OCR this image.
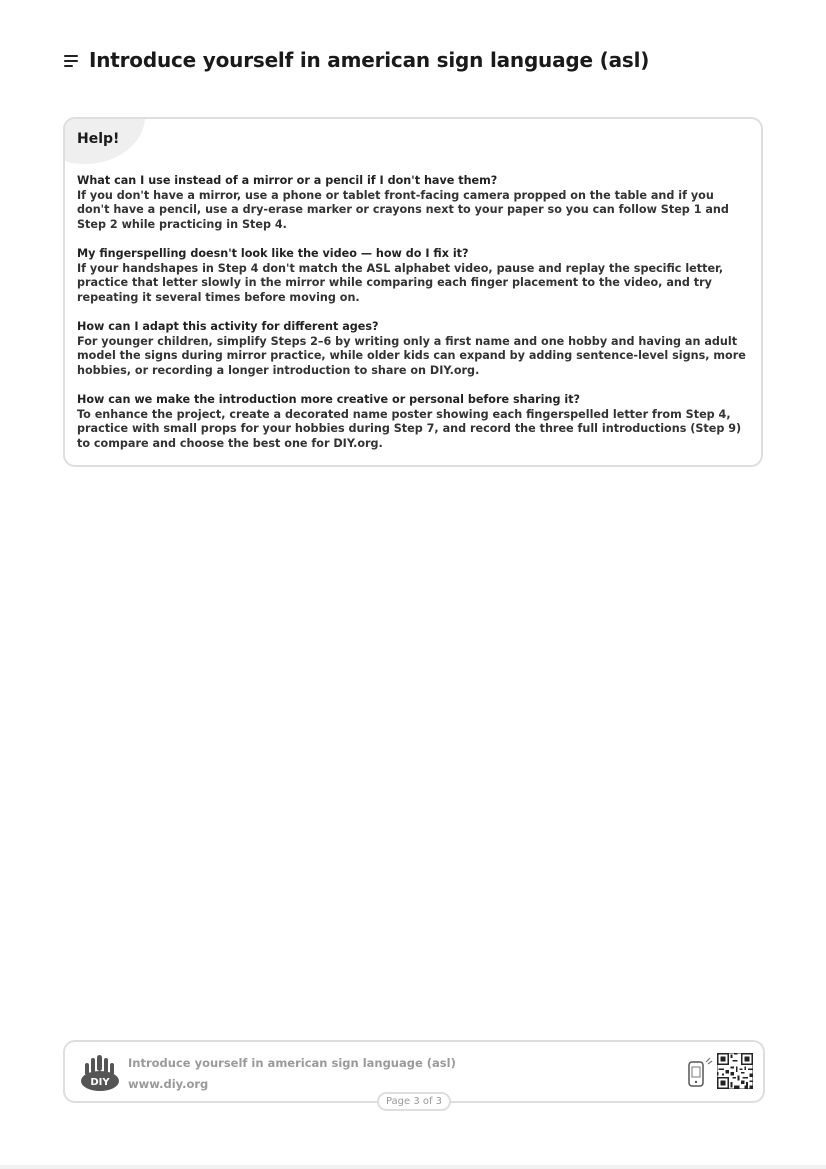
Introduce yourself in american sign language (asl)
Help!
What can I use instead of a mirror or a pencil if I don't have them?
If you don't have a mirror, use a phone or tablet front-facing camera propped on the table and if you don't have a pencil, use a dry-erase marker or crayons next to your paper so you can follow Step 1 and Step 2 while practicing in Step 4.
My fingerspelling doesn't look like the video — how do I fix it?
If your handshapes in Step 4 don't match the ASL alphabet video, pause and replay the specific letter, practice that letter slowly in the mirror while comparing each finger placement to the video, and try repeating it several times before moving on.
How can I adapt this activity for different ages?
For younger children, simplify Steps 2–6 by writing only a first name and one hobby and having an adult model the signs during mirror practice, while older kids can expand by adding sentence-level signs, more hobbies, or recording a longer introduction to share on DIY.org.
How can we make the introduction more creative or personal before sharing it?
To enhance the project, create a decorated name poster showing each fingerspelled letter from Step 4, practice with small props for your hobbies during Step 7, and record the three full introductions (Step 9) to compare and choose the best one for DIY.org.
DIY
Introduce yourself in american sign language (asl)
www.diy.org
Page 3 of 3
